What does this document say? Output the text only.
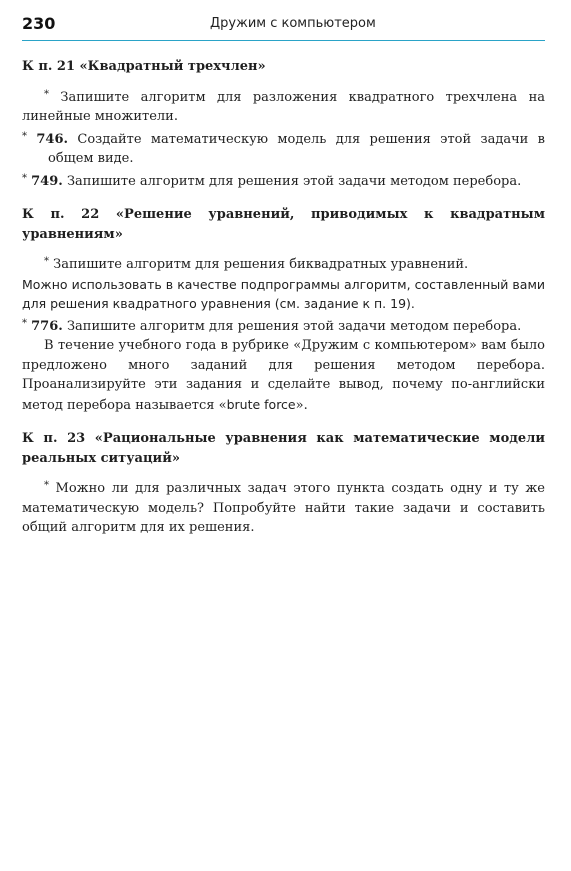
230	Дружим с компьютером
К п. 21 «Квадратный трехчлен»

* Запишите алгоритм для разложения квадратного трехчлена на линейные множители.

* 746. Создайте математическую модель для решения этой задачи в общем виде.

* 749. Запишите алгоритм для решения этой задачи методом перебора.

К п. 22 «Решение уравнений, приводимых к квадратным уравнениям»

* Запишите алгоритм для решения биквадратных уравнений.

Можно использовать в качестве подпрограммы алгоритм, составленный вами для решения квадратного уравнения (см. задание к п. 19).

* 776. Запишите алгоритм для решения этой задачи методом перебора.

В течение учебного года в рубрике «Дружим с компьютером» вам было предложено много заданий для решения методом перебора. Проанализируйте эти задания и сделайте вывод, почему по-английски метод перебора называется «brute force».

К п. 23 «Рациональные уравнения как математические модели реальных ситуаций»

* Можно ли для различных задач этого пункта создать одну и ту же математическую модель? Попробуйте найти такие задачи и составить общий алгоритм для их решения.
